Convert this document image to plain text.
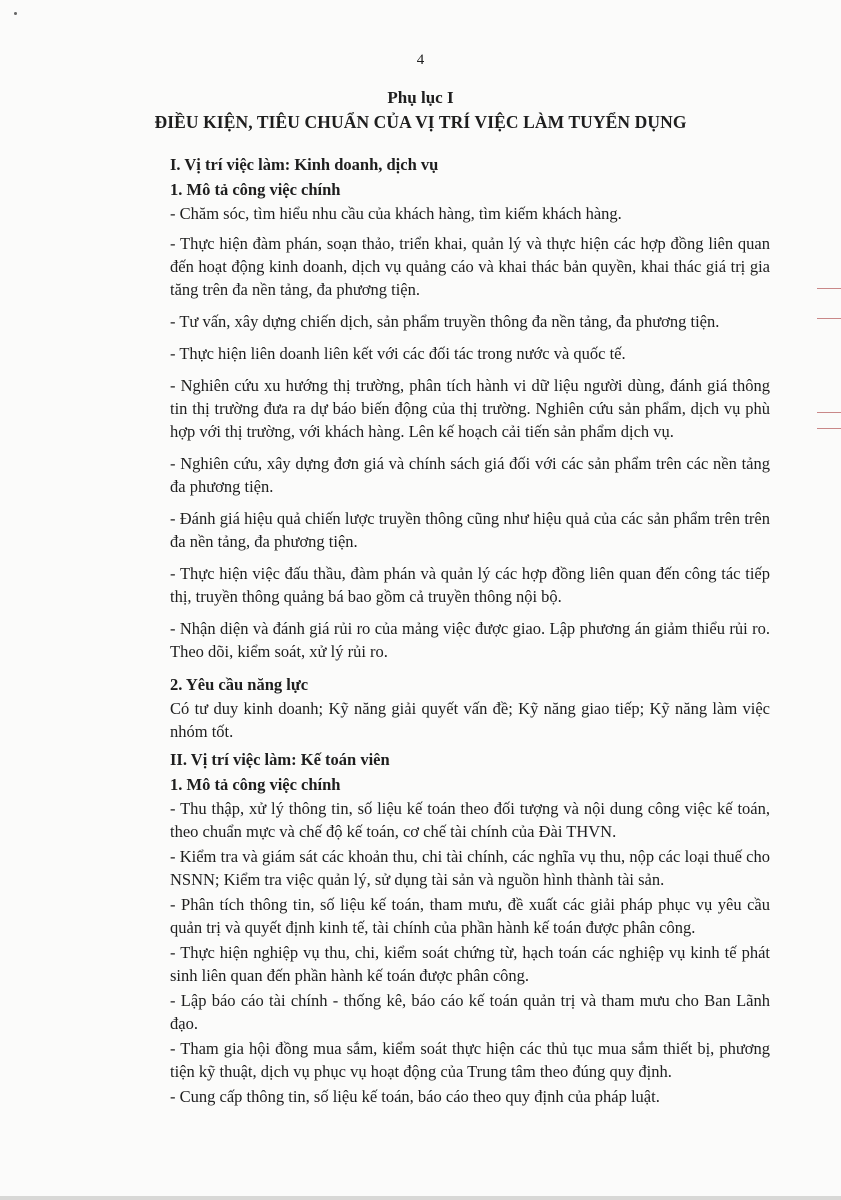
4
Phụ lục I
ĐIỀU KIỆN, TIÊU CHUẨN CỦA VỊ TRÍ VIỆC LÀM TUYỂN DỤNG
I. Vị trí việc làm: Kinh doanh, dịch vụ
1. Mô tả công việc chính
- Chăm sóc, tìm hiểu nhu cầu của khách hàng, tìm kiếm khách hàng.
- Thực hiện đàm phán, soạn thảo, triển khai, quản lý và thực hiện các hợp đồng liên quan đến hoạt động kinh doanh, dịch vụ quảng cáo và khai thác bản quyền, khai thác giá trị gia tăng trên đa nền tảng, đa phương tiện.
- Tư vấn, xây dựng chiến dịch, sản phẩm truyền thông đa nền tảng, đa phương tiện.
- Thực hiện liên doanh liên kết với các đối tác trong nước và quốc tế.
- Nghiên cứu xu hướng thị trường, phân tích hành vi dữ liệu người dùng, đánh giá thông tin thị trường đưa ra dự báo biến động của thị trường. Nghiên cứu sản phẩm, dịch vụ phù hợp với thị trường, với khách hàng. Lên kế hoạch cải tiến sản phẩm dịch vụ.
- Nghiên cứu, xây dựng đơn giá và chính sách giá đối với các sản phẩm trên các nền tảng đa phương tiện.
- Đánh giá hiệu quả chiến lược truyền thông cũng như hiệu quả của các sản phẩm trên trên đa nền tảng, đa phương tiện.
- Thực hiện việc đấu thầu, đàm phán và quản lý các hợp đồng liên quan đến công tác tiếp thị, truyền thông quảng bá bao gồm cả truyền thông nội bộ.
- Nhận diện và đánh giá rủi ro của mảng việc được giao. Lập phương án giảm thiểu rủi ro. Theo dõi, kiểm soát, xử lý rủi ro.
2. Yêu cầu năng lực
Có tư duy kinh doanh; Kỹ năng giải quyết vấn đề; Kỹ năng giao tiếp; Kỹ năng làm việc nhóm tốt.
II. Vị trí việc làm: Kế toán viên
1. Mô tả công việc chính
- Thu thập, xử lý thông tin, số liệu kế toán theo đối tượng và nội dung công việc kế toán, theo chuẩn mực và chế độ kế toán, cơ chế tài chính của Đài THVN.
- Kiểm tra và giám sát các khoản thu, chi tài chính, các nghĩa vụ thu, nộp các loại thuế cho NSNN; Kiểm tra việc quản lý, sử dụng tài sản và nguồn hình thành tài sản.
- Phân tích thông tin, số liệu kế toán, tham mưu, đề xuất các giải pháp phục vụ yêu cầu quản trị và quyết định kinh tế, tài chính của phần hành kế toán được phân công.
- Thực hiện nghiệp vụ thu, chi, kiểm soát chứng từ, hạch toán các nghiệp vụ kinh tế phát sinh liên quan đến phần hành kế toán được phân công.
- Lập báo cáo tài chính - thống kê, báo cáo kế toán quản trị và tham mưu cho Ban Lãnh đạo.
- Tham gia hội đồng mua sắm, kiểm soát thực hiện các thủ tục mua sắm thiết bị, phương tiện kỹ thuật, dịch vụ phục vụ hoạt động của Trung tâm theo đúng quy định.
- Cung cấp thông tin, số liệu kế toán, báo cáo theo quy định của pháp luật.
